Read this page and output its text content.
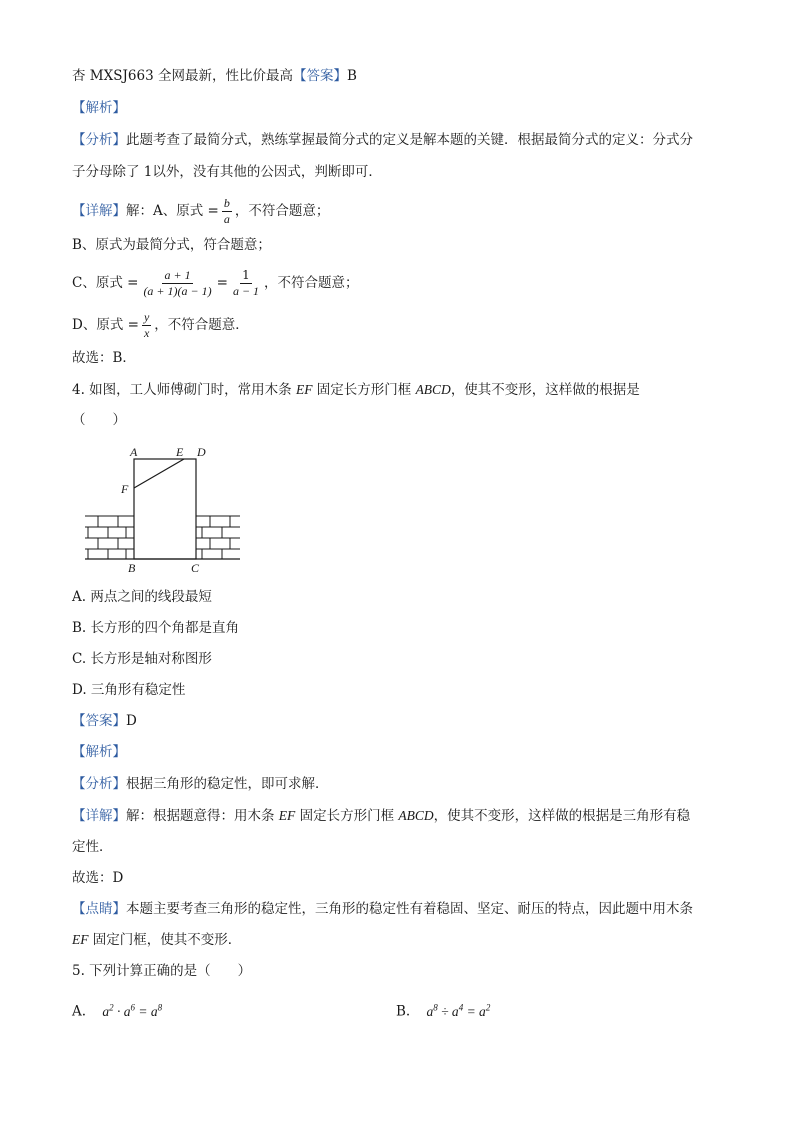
杏 MXSJ663 全网最新，性比价最高【答案】B
【解析】
【分析】此题考查了最简分式，熟练掌握最简分式的定义是解本题的关键．根据最简分式的定义：分式分
子分母除了 1以外，没有其他的公因式，判断即可．
【详解】解：A、原式 = $\frac{b}{a}$ ，不符合题意；
B、原式为最简分式，符合题意；
C、原式 = $\frac{a + 1}{(a + 1)(a - 1)} = \frac{1}{a - 1}$ ，不符合题意；
D、原式 = $\frac{y}{x}$ ，不符合题意．
故选：B．
4. 如图，工人师傅砌门时，常用木条 EF 固定长方形门框 ABCD，使其不变形，这样做的根据是
（　　）
A	E D
F
B	C
A. 两点之间的线段最短
B. 长方形的四个角都是直角
C. 长方形是轴对称图形
D. 三角形有稳定性
【答案】D
【解析】
【分析】根据三角形的稳定性，即可求解．
【详解】解：根据题意得：用木条 EF 固定长方形门框 ABCD，使其不变形，这样做的根据是三角形有稳
定性．
故选：D
【点睛】本题主要考查三角形的稳定性，三角形的稳定性有着稳固、坚定、耐压的特点，因此题中用木条
EF 固定门框，使其不变形．
5. 下列计算正确的是（　　）
A. $a^2 \cdot a^6 = a^8$	B. $a^8 \div a^4 = a^2$
